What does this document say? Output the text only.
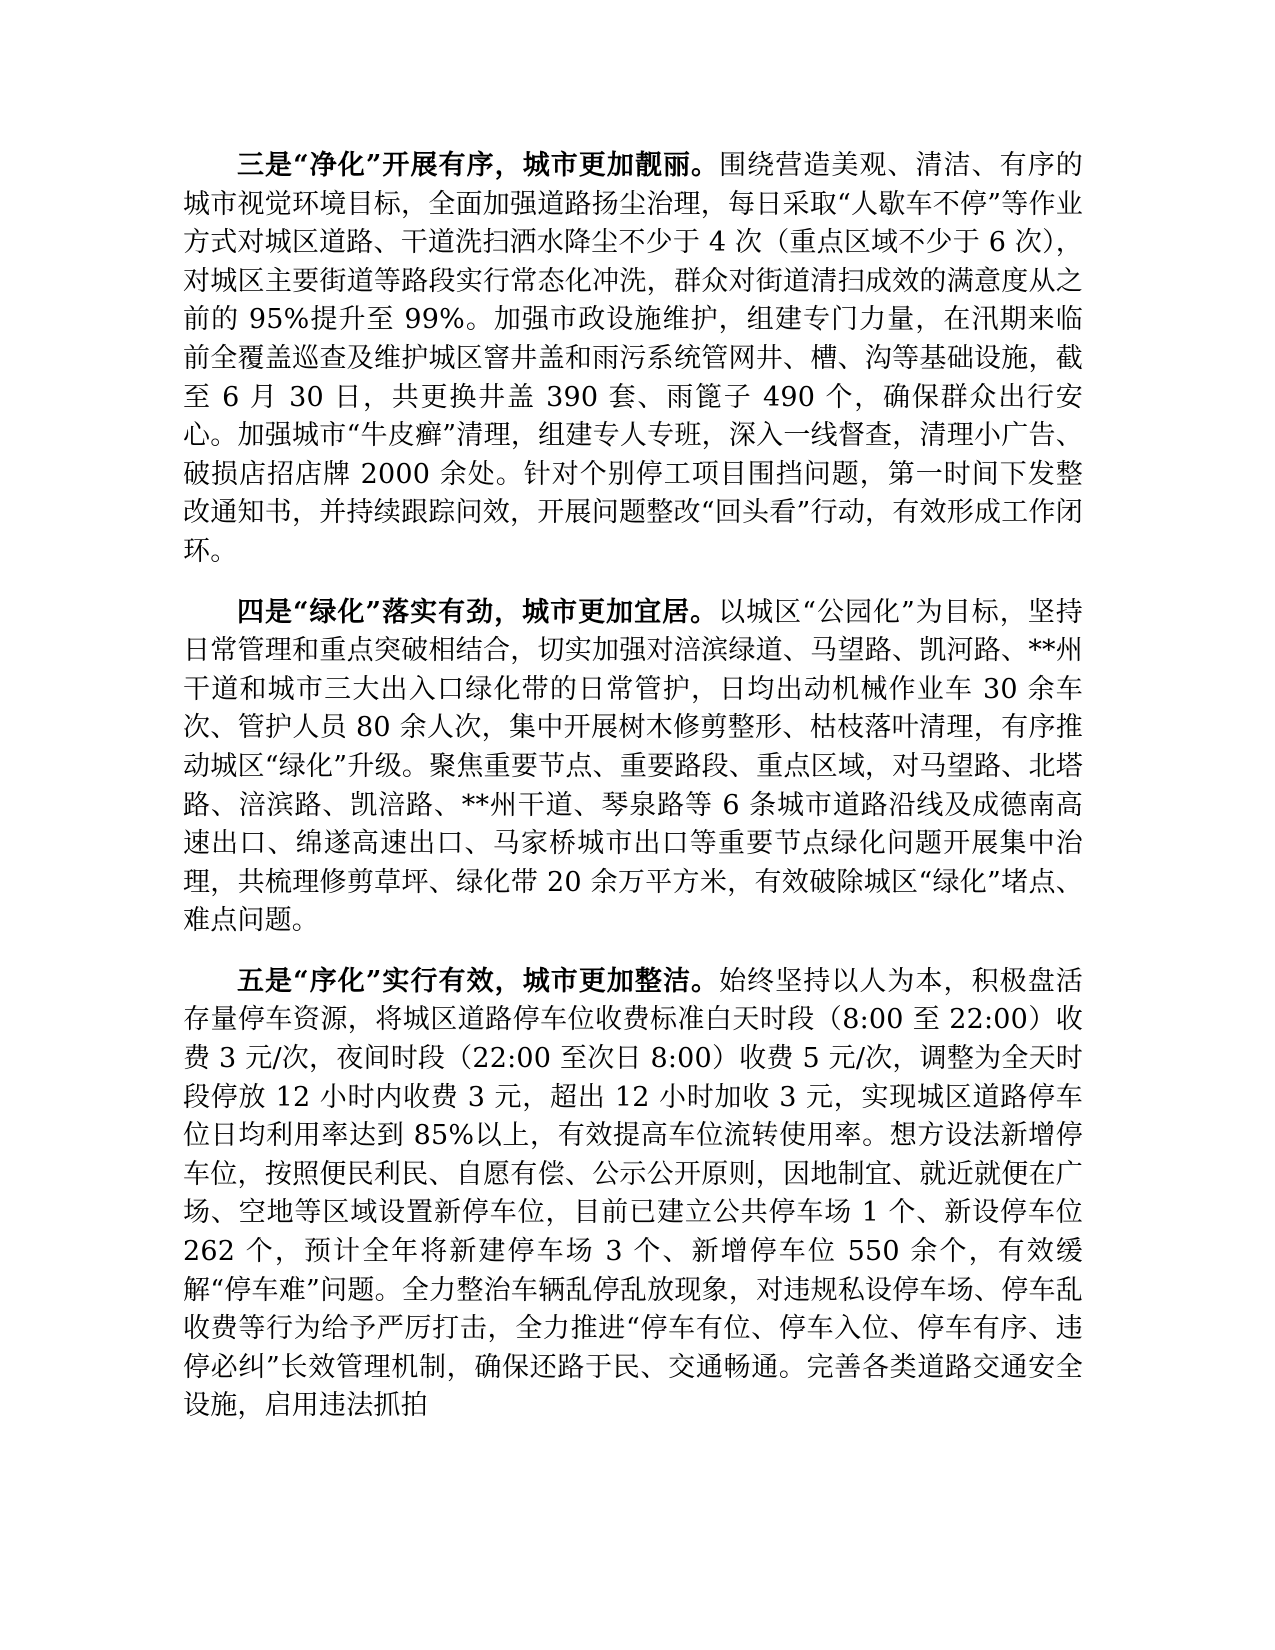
三是“净化”开展有序，城市更加靓丽。围绕营造美观、清洁、有序的城市视觉环境目标，全面加强道路扬尘治理，每日采取“人歇车不停”等作业方式对城区道路、干道洗扫洒水降尘不少于 4 次（重点区域不少于 6 次），对城区主要街道等路段实行常态化冲洗，群众对街道清扫成效的满意度从之前的 95%提升至 99%。加强市政设施维护，组建专门力量，在汛期来临前全覆盖巡查及维护城区窨井盖和雨污系统管网井、槽、沟等基础设施，截至 6 月 30 日，共更换井盖 390 套、雨篦子 490 个，确保群众出行安心。加强城市“牛皮癣”清理，组建专人专班，深入一线督查，清理小广告、破损店招店牌 2000 余处。针对个别停工项目围挡问题，第一时间下发整改通知书，并持续跟踪问效，开展问题整改“回头看”行动，有效形成工作闭环。

四是“绿化”落实有劲，城市更加宜居。以城区“公园化”为目标，坚持日常管理和重点突破相结合，切实加强对涪滨绿道、马望路、凯河路、**州干道和城市三大出入口绿化带的日常管护，日均出动机械作业车 30 余车次、管护人员 80 余人次，集中开展树木修剪整形、枯枝落叶清理，有序推动城区“绿化”升级。聚焦重要节点、重要路段、重点区域，对马望路、北塔路、涪滨路、凯涪路、**州干道、琴泉路等 6 条城市道路沿线及成德南高速出口、绵遂高速出口、马家桥城市出口等重要节点绿化问题开展集中治理，共梳理修剪草坪、绿化带 20 余万平方米，有效破除城区“绿化”堵点、难点问题。

五是“序化”实行有效，城市更加整洁。始终坚持以人为本，积极盘活存量停车资源，将城区道路停车位收费标准白天时段（8:00 至 22:00）收费 3 元/次，夜间时段（22:00 至次日 8:00）收费 5 元/次，调整为全天时段停放 12 小时内收费 3 元，超出 12 小时加收 3 元，实现城区道路停车位日均利用率达到 85%以上，有效提高车位流转使用率。想方设法新增停车位，按照便民利民、自愿有偿、公示公开原则，因地制宜、就近就便在广场、空地等区域设置新停车位，目前已建立公共停车场 1 个、新设停车位 262 个，预计全年将新建停车场 3 个、新增停车位 550 余个，有效缓解“停车难”问题。全力整治车辆乱停乱放现象，对违规私设停车场、停车乱收费等行为给予严厉打击，全力推进“停车有位、停车入位、停车有序、违停必纠”长效管理机制，确保还路于民、交通畅通。完善各类道路交通安全设施，启用违法抓拍
